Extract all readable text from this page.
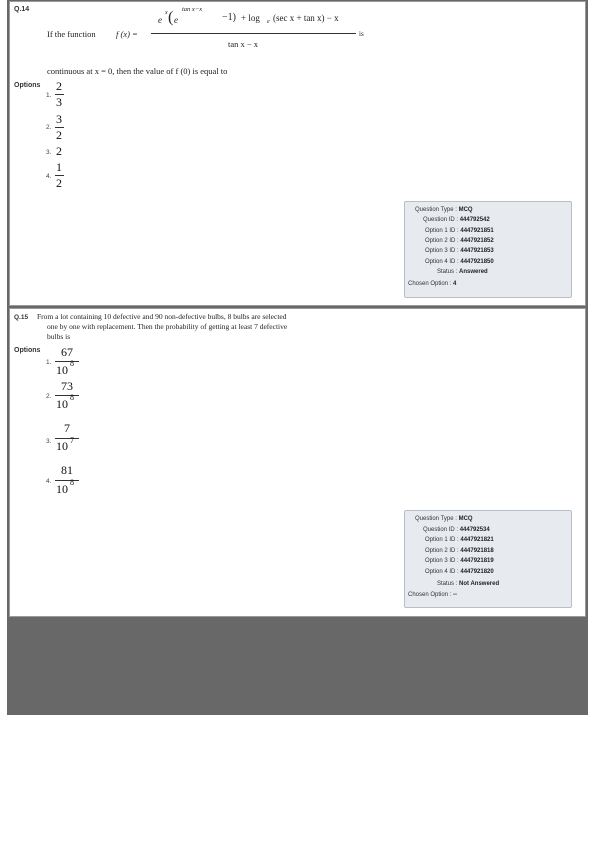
Q.14
e
x ( e
tan x−x
−1) + log e (sec x + tan x) − x
If the function f (x) =	is
tan x − x
continuous at x = 0, then the value of f (0) is equal to
Options
1.
2
3
2.
3
2
3. 2
4.
1
2
Question Type : MCQ
Question ID : 444792542
Option 1 ID : 4447921851
Option 2 ID : 4447921852
Option 3 ID : 4447921853
Option 4 ID : 4447921850
Status : Answered
Chosen Option : 4
Q.15 From a lot containing 10 defective and 90 non-defective bulbs, 8 bulbs are selected
one by one with replacement. Then the probability of getting at least 7 defective
bulbs is
Options
1.
67
10 8
2.
73
10 8
3.
7
10 7
4.
81
10 8
Question Type : MCQ
Question ID : 444792534
Option 1 ID : 4447921821
Option 2 ID : 4447921818
Option 3 ID : 4447921819
Option 4 ID : 4447921820
Status : Not Answered
Chosen Option : --
